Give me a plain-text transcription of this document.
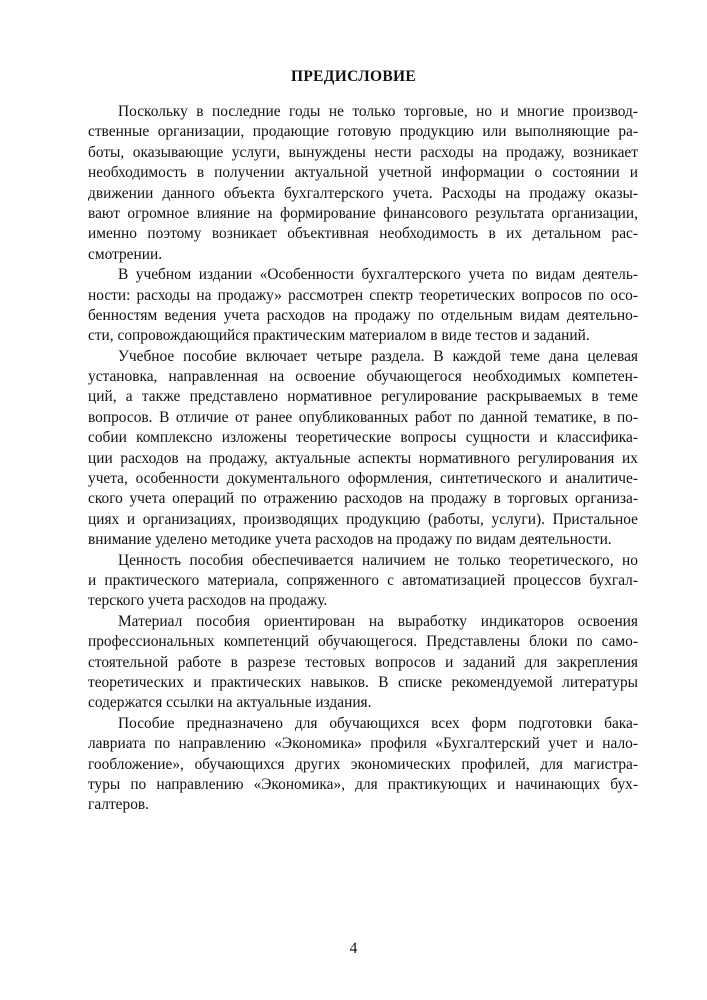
ПРЕДИСЛОВИЕ
Поскольку в последние годы не только торговые, но и многие производ-
ственные организации, продающие готовую продукцию или выполняющие ра-
боты, оказывающие услуги, вынуждены нести расходы на продажу, возникает
необходимость в получении актуальной учетной информации о состоянии и
движении данного объекта бухгалтерского учета. Расходы на продажу оказы-
вают огромное влияние на формирование финансового результата организации,
именно поэтому возникает объективная необходимость в их детальном рас-
смотрении.
В учебном издании «Особенности бухгалтерского учета по видам деятель-
ности: расходы на продажу» рассмотрен спектр теоретических вопросов по осо-
бенностям ведения учета расходов на продажу по отдельным видам деятельно-
сти, сопровождающийся практическим материалом в виде тестов и заданий.
Учебное пособие включает четыре раздела. В каждой теме дана целевая
установка, направленная на освоение обучающегося необходимых компетен-
ций, а также представлено нормативное регулирование раскрываемых в теме
вопросов. В отличие от ранее опубликованных работ по данной тематике, в по-
собии комплексно изложены теоретические вопросы сущности и классифика-
ции расходов на продажу, актуальные аспекты нормативного регулирования их
учета, особенности документального оформления, синтетического и аналитиче-
ского учета операций по отражению расходов на продажу в торговых организа-
циях и организациях, производящих продукцию (работы, услуги). Пристальное
внимание уделено методике учета расходов на продажу по видам деятельности.
Ценность пособия обеспечивается наличием не только теоретического, но
и практического материала, сопряженного с автоматизацией процессов бухгал-
терского учета расходов на продажу.
Материал пособия ориентирован на выработку индикаторов освоения
профессиональных компетенций обучающегося. Представлены блоки по само-
стоятельной работе в разрезе тестовых вопросов и заданий для закрепления
теоретических и практических навыков. В списке рекомендуемой литературы
содержатся ссылки на актуальные издания.
Пособие предназначено для обучающихся всех форм подготовки бака-
лавриата по направлению «Экономика» профиля «Бухгалтерский учет и нало-
гообложение», обучающихся других экономических профилей, для магистра-
туры по направлению «Экономика», для практикующих и начинающих бух-
галтеров.
4
